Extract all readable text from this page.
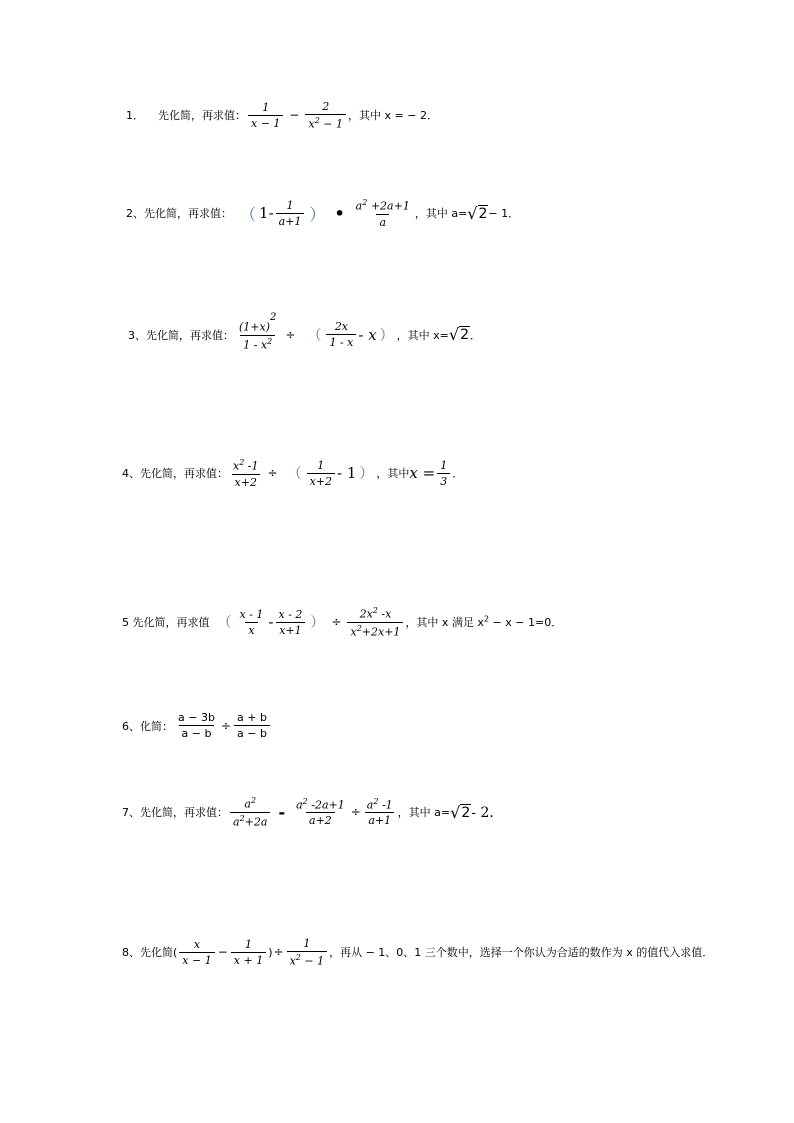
1． 先化简，再求值： $\frac{1}{x - 1} - \frac{2}{x^2 - 1}$ ，其中 x = − 2．
2、先化简，再求值： （ $1 - \frac{1}{a+1}$ ） • $\frac{a^2 +2a+1}{a}$ ，其中 a= √ 2 − 1．
3、先化简，再求值： $\frac{(1+x)^2}{1 - x^2}$ ÷ （ $\frac{2x}{1 - x}$ - x ） ，其中 x= √ 2 ．
4、先化简，再求值： $\frac{x^2 -1}{x+2}$ ÷ （ $\frac{1}{x+2} - 1$ ） ，其中 $x = \frac{1}{3}$ ．
5 先化简，再求值 （ $\frac{x - 1}{x} - \frac{x - 2}{x+1}$ ） ÷ $\frac{2x^2 -x}{x^2+2x+1}$ ，其中 x 满足 $x^2 - x - 1=0$．
6、化简： $\frac{a - 3b}{a - b} \div \frac{a + b}{a - b}$
7、先化简，再求值： $\frac{a^2}{a^2+2a} - \frac{a^2 -2a+1}{a+2} \div \frac{a^2 -1}{a+1}$ ，其中 a= √ 2 - 2．
8、先化简 ( $\frac{x}{x - 1} - \frac{1}{x + 1}$ ) ÷ $\frac{1}{x^2 - 1}$ ，再从 − 1、0、1 三个数中，选择一个你认为合适的数作为 x 的值代入求值．
